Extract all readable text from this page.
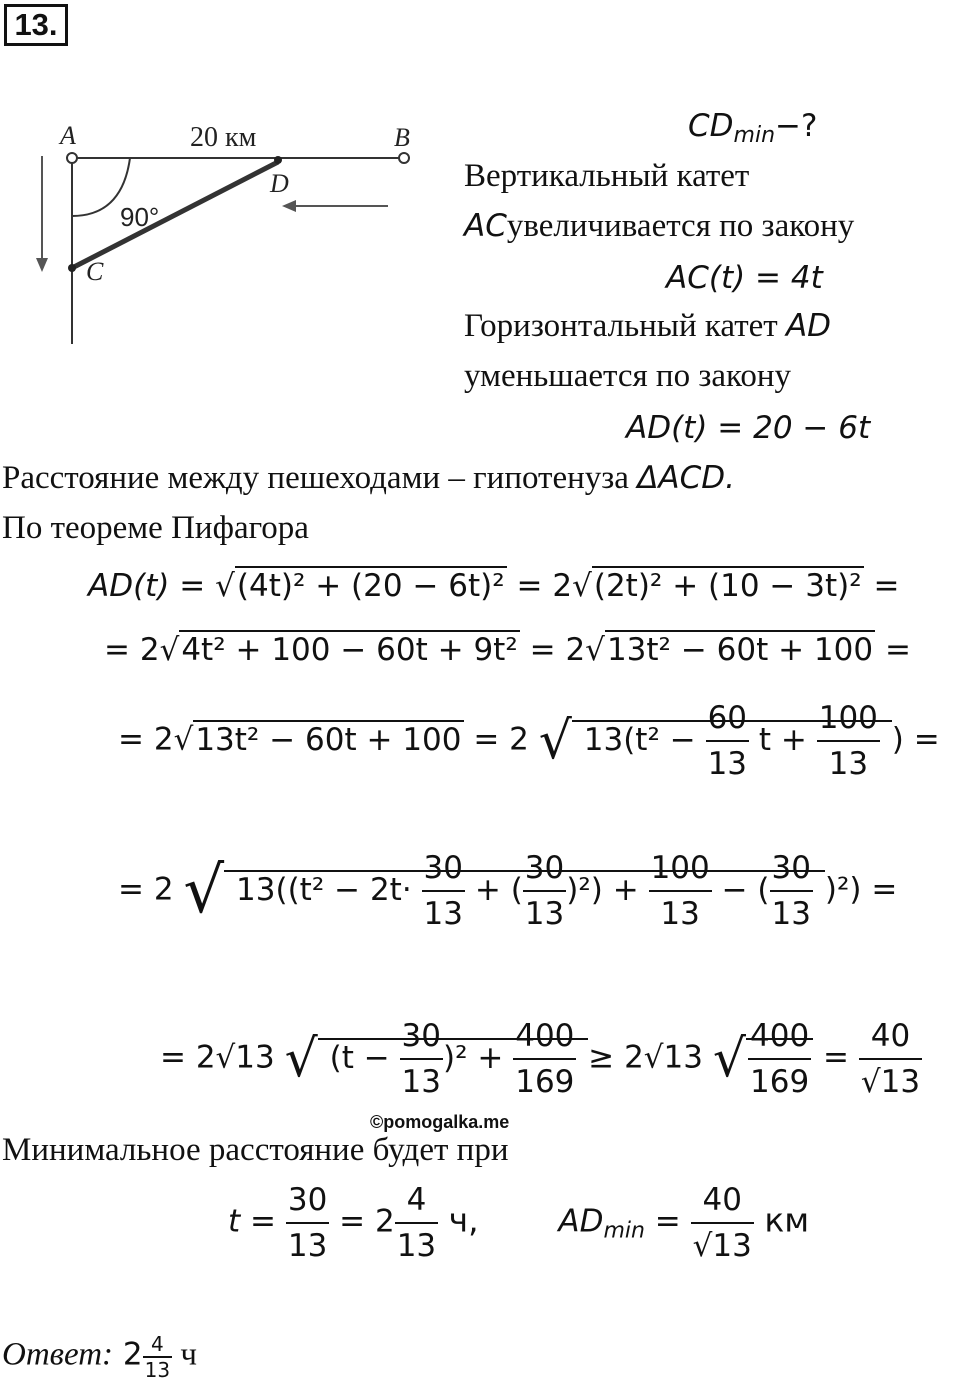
13.
A	B
C
D
20 км
90°
$CD_{min}-$?
Вертикальный катет
ACувеличивается по закону
AC(t) = 4t
Горизонтальный катет AD
уменьшается по закону
AD(t) = 20 − 6t
Расстояние между пешеходами – гипотенуза ΔACD.
По теореме Пифагора
AD(t) = √(4t)² + (20 − 6t)² = 2√(2t)² + (10 − 3t)² =
= 2√4t² + 100 − 60t + 9t² = 2√13t² − 60t + 100 =
= 2√13t² − 60t + 100 = 2 √ $13(t^2 - \frac{60}{13}$ $t + \frac{100}{13}$ ) =
= 2 √ $13((t^2 - 2t\cdot \frac{30}{13}$ + ( $\frac{30}{13} )^2) + \frac{100}{13}$ − ( $\frac{30}{13} )^2$) =
= 2√13 √ $(t - \frac{30}{13} )^2 + \frac{400}{169} \ge 2√13$ √ $\frac{400}{169} = \frac{40}{√13}$
©pomogalka.me
Минимальное расстояние будет при
$t = \frac{30}{13} = 2 \frac{4}{13} ч$,	$AD_{min} = \frac{40}{√13}$ км
Ответ: $2 \frac{4}{13}$ ч
